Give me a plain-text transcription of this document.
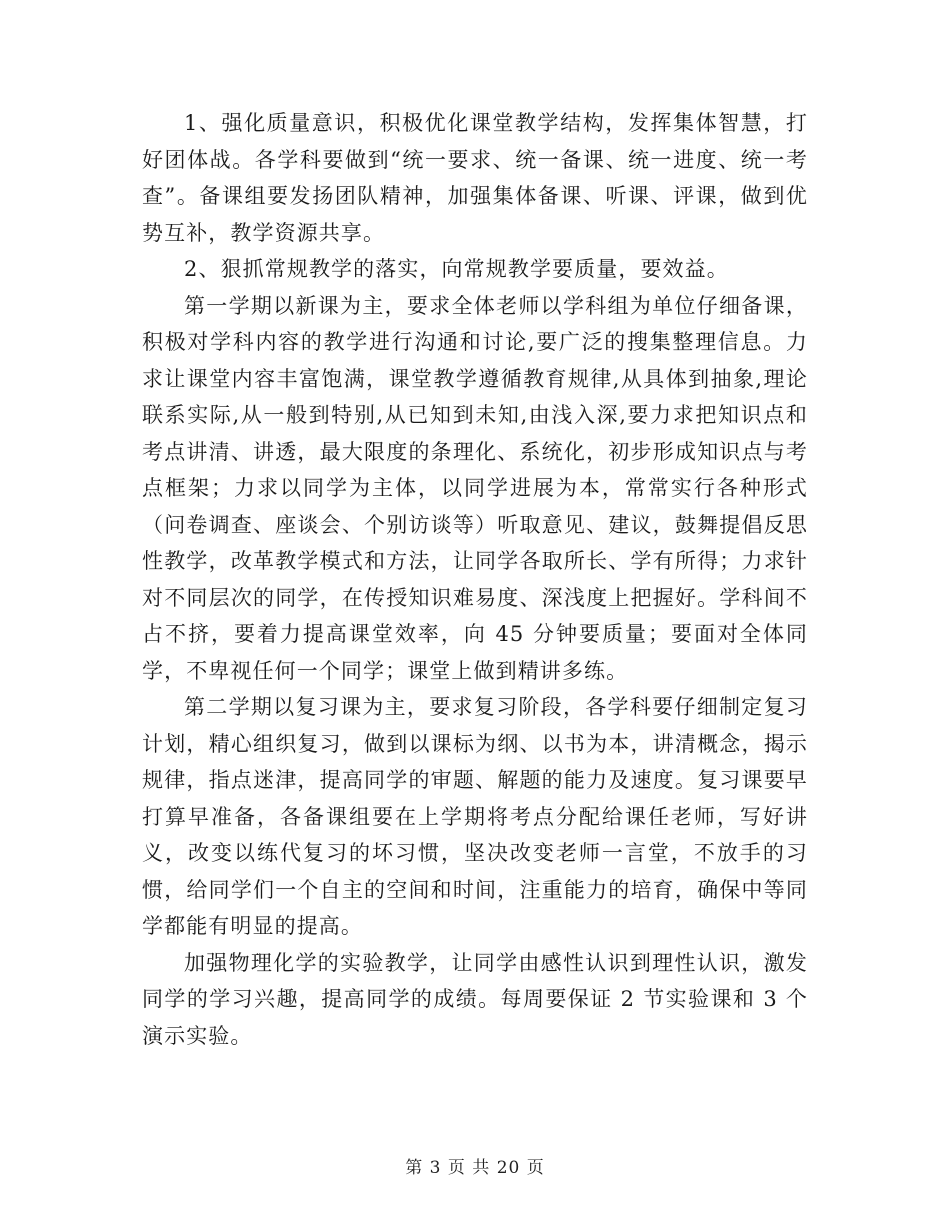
1、强化质量意识，积极优化课堂教学结构，发挥集体智慧，打好团体战。各学科要做到“统一要求、统一备课、统一进度、统一考查”。备课组要发扬团队精神，加强集体备课、听课、评课，做到优势互补，教学资源共享。

2、狠抓常规教学的落实，向常规教学要质量，要效益。

第一学期以新课为主，要求全体老师以学科组为单位仔细备课，积极对学科内容的教学进行沟通和讨论,要广泛的搜集整理信息。力求让课堂内容丰富饱满，课堂教学遵循教育规律,从具体到抽象,理论联系实际,从一般到特别,从已知到未知,由浅入深,要力求把知识点和考点讲清、讲透，最大限度的条理化、系统化，初步形成知识点与考点框架；力求以同学为主体，以同学进展为本，常常实行各种形式（问卷调查、座谈会、个别访谈等）听取意见、建议，鼓舞提倡反思性教学，改革教学模式和方法，让同学各取所长、学有所得；力求针对不同层次的同学，在传授知识难易度、深浅度上把握好。学科间不占不挤，要着力提高课堂效率，向 45 分钟要质量；要面对全体同学，不卑视任何一个同学；课堂上做到精讲多练。

第二学期以复习课为主，要求复习阶段，各学科要仔细制定复习计划，精心组织复习，做到以课标为纲、以书为本，讲清概念，揭示规律，指点迷津，提高同学的审题、解题的能力及速度。复习课要早打算早准备，各备课组要在上学期将考点分配给课任老师，写好讲义，改变以练代复习的坏习惯，坚决改变老师一言堂，不放手的习惯，给同学们一个自主的空间和时间，注重能力的培育，确保中等同学都能有明显的提高。

加强物理化学的实验教学，让同学由感性认识到理性认识，激发同学的学习兴趣，提高同学的成绩。每周要保证 2 节实验课和 3 个演示实验。

第 3 页 共 20 页
